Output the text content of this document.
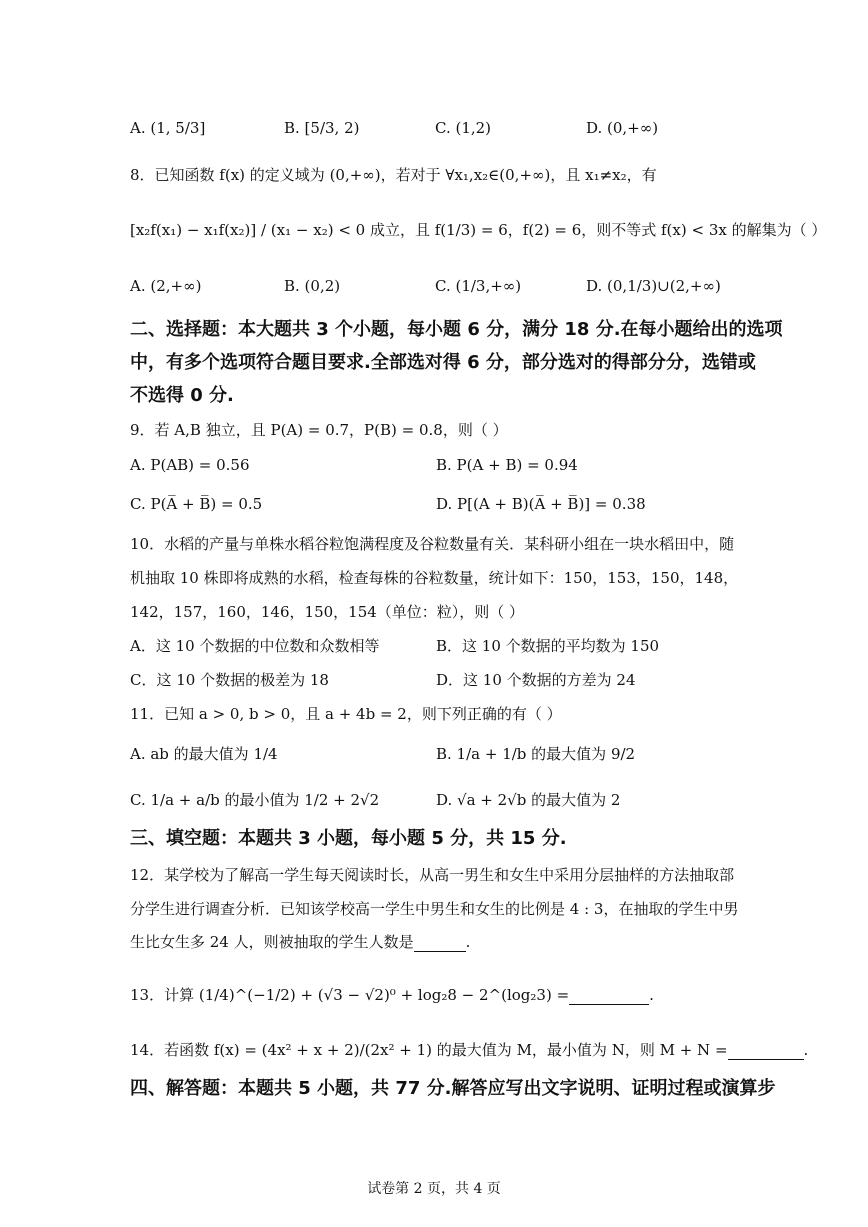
A. (1, 5/3]	B. [5/3, 2)	C. (1,2)	D. (0,+∞)
8．已知函数 f(x) 的定义域为 (0,+∞)，若对于 ∀x₁,x₂∈(0,+∞)，且 x₁≠x₂，有
[x₂f(x₁) − x₁f(x₂)] / (x₁ − x₂) < 0 成立，且 f(1/3) = 6，f(2) = 6，则不等式 f(x) < 3x 的解集为（ ）
A. (2,+∞)	B. (0,2)	C. (1/3,+∞)	D. (0,1/3)∪(2,+∞)
二、选择题：本大题共 3 个小题，每小题 6 分，满分 18 分.在每小题给出的选项
中，有多个选项符合题目要求.全部选对得 6 分，部分选对的得部分分，选错或
不选得 0 分.
9．若 A,B 独立，且 P(A) = 0.7，P(B) = 0.8，则（ ）
A. P(AB) = 0.56	B. P(A + B) = 0.94
C. P(A̅ + B̅) = 0.5	D. P[(A + B)(A̅ + B̅)] = 0.38
10．水稻的产量与单株水稻谷粒饱满程度及谷粒数量有关．某科研小组在一块水稻田中，随
机抽取 10 株即将成熟的水稻，检查每株的谷粒数量，统计如下：150，153，150，148，
142，157，160，146，150，154（单位：粒），则（ ）
A．这 10 个数据的中位数和众数相等	B．这 10 个数据的平均数为 150
C．这 10 个数据的极差为 18	D．这 10 个数据的方差为 24
11．已知 a > 0, b > 0，且 a + 4b = 2，则下列正确的有（ ）
A. ab 的最大值为 1/4	B. 1/a + 1/b 的最大值为 9/2
C. 1/a + a/b 的最小值为 1/2 + 2√2	D. √a + 2√b 的最大值为 2
三、填空题：本题共 3 小题，每小题 5 分，共 15 分.
12．某学校为了解高一学生每天阅读时长，从高一男生和女生中采用分层抽样的方法抽取部
分学生进行调查分析．已知该学校高一学生中男生和女生的比例是 4 : 3，在抽取的学生中男
生比女生多 24 人，则被抽取的学生人数是	.
13．计算 (1/4)^(−1/2) + (√3 − √2)⁰ + log₂8 − 2^(log₂3) =	.
14．若函数 f(x) = (4x² + x + 2)/(2x² + 1) 的最大值为 M，最小值为 N，则 M + N =	.
四、解答题：本题共 5 小题，共 77 分.解答应写出文字说明、证明过程或演算步
试卷第 2 页，共 4 页
